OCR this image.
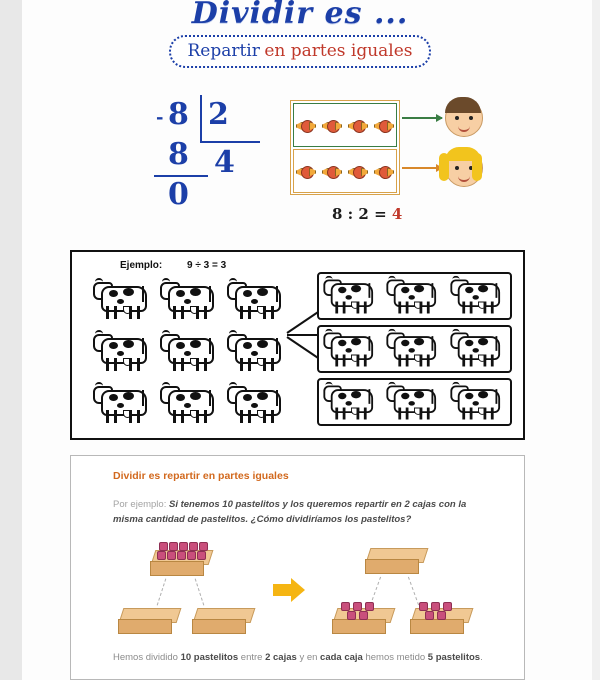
Dividir es ...
Repartir en partes iguales
- 8 2
4
8
0
8 : 2 = 4
Ejemplo: 9 ÷ 3 = 3
Dividir es repartir en partes iguales
Por ejemplo: Si tenemos 10 pastelitos y los queremos repartir en 2 cajas con la misma cantidad de pastelitos. ¿Cómo dividiríamos los pastelitos?
Hemos dividido 10 pastelitos entre 2 cajas y en cada caja hemos metido 5 pastelitos.
